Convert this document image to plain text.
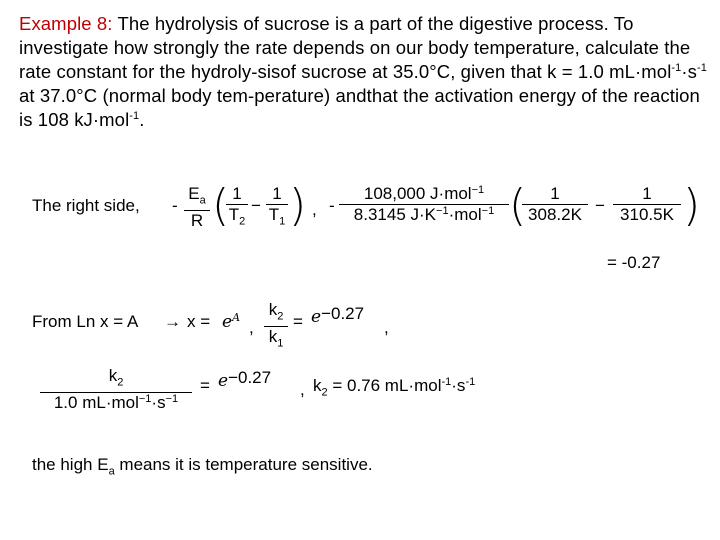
Example 8: The hydrolysis of sucrose is a part of the digestive process. To investigate how strongly the rate depends on our body temperature, calculate the rate constant for the hydroly-sisof sucrose at 35.0°C, given that k = 1.0 $mL\cdot mol^{-1}\cdot s^{-1}$ at 37.0°C (normal body tem-perature) andthat the activation energy of the reaction is 108 kJ·mol$^{-1}$.
The right side, - $\frac{E_a}{R}$ (
$\frac{1}{T_2} - \frac{1}{T_1}$ ) , -
108,000 J·mol$^{-1}$
8.3145 $J\cdot K^{-1}\cdot mol^{-1}$ (
$\frac{1}{308.2K} - \frac{1}{310.5K}$ )
= -0.27
From Ln $x = A \to x = e^A$
, $\frac{k_2}{k_1} = e-0.27$
,
$k_2$
1.0 $mL\cdot mol^{-1}\cdot s^{-1}$
= e−0.27
, $k_2 = 0.76$ $mL\cdot mol^{-1}\cdot s^{-1}$
the high $E_a$ means it is temperature sensitive.
